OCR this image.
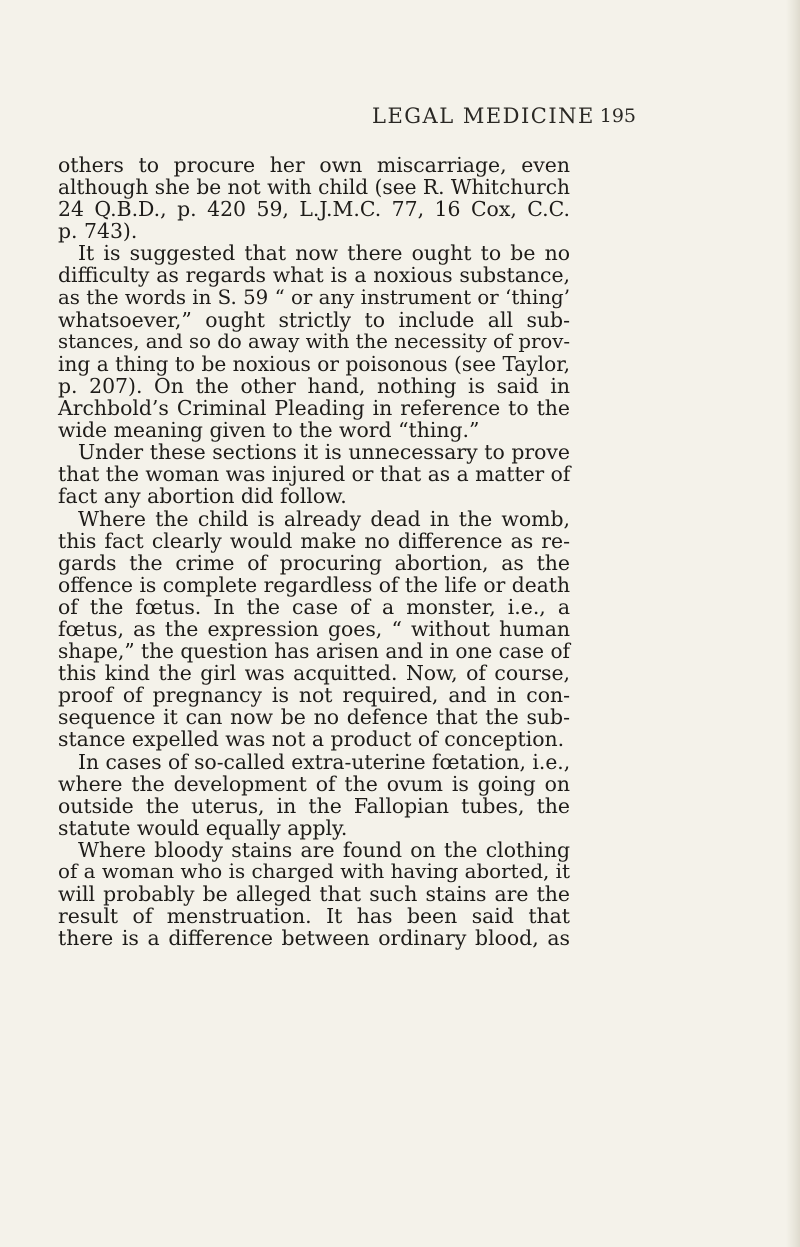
LEGAL MEDICINE 195
others to procure her own miscarriage, even
although she be not with child (see R. Whitchurch
24 Q.B.D., p. 420 59, L.J.M.C. 77, 16 Cox, C.C.
p. 743).
It is suggested that now there ought to be no
difficulty as regards what is a noxious substance,
as the words in S. 59 “ or any instrument or ‘thing’
whatsoever,” ought strictly to include all sub-
stances, and so do away with the necessity of prov-
ing a thing to be noxious or poisonous (see Taylor,
p. 207). On the other hand, nothing is said in
Archbold’s Criminal Pleading in reference to the
wide meaning given to the word “thing.”
Under these sections it is unnecessary to prove
that the woman was injured or that as a matter of
fact any abortion did follow.
Where the child is already dead in the womb,
this fact clearly would make no difference as re-
gards the crime of procuring abortion, as the
offence is complete regardless of the life or death
of the fœtus. In the case of a monster, i.e., a
fœtus, as the expression goes, “ without human
shape,” the question has arisen and in one case of
this kind the girl was acquitted. Now, of course,
proof of pregnancy is not required, and in con-
sequence it can now be no defence that the sub-
stance expelled was not a product of conception.
In cases of so-called extra-uterine fœtation, i.e.,
where the development of the ovum is going on
outside the uterus, in the Fallopian tubes, the
statute would equally apply.
Where bloody stains are found on the clothing
of a woman who is charged with having aborted, it
will probably be alleged that such stains are the
result of menstruation. It has been said that
there is a difference between ordinary blood, as
